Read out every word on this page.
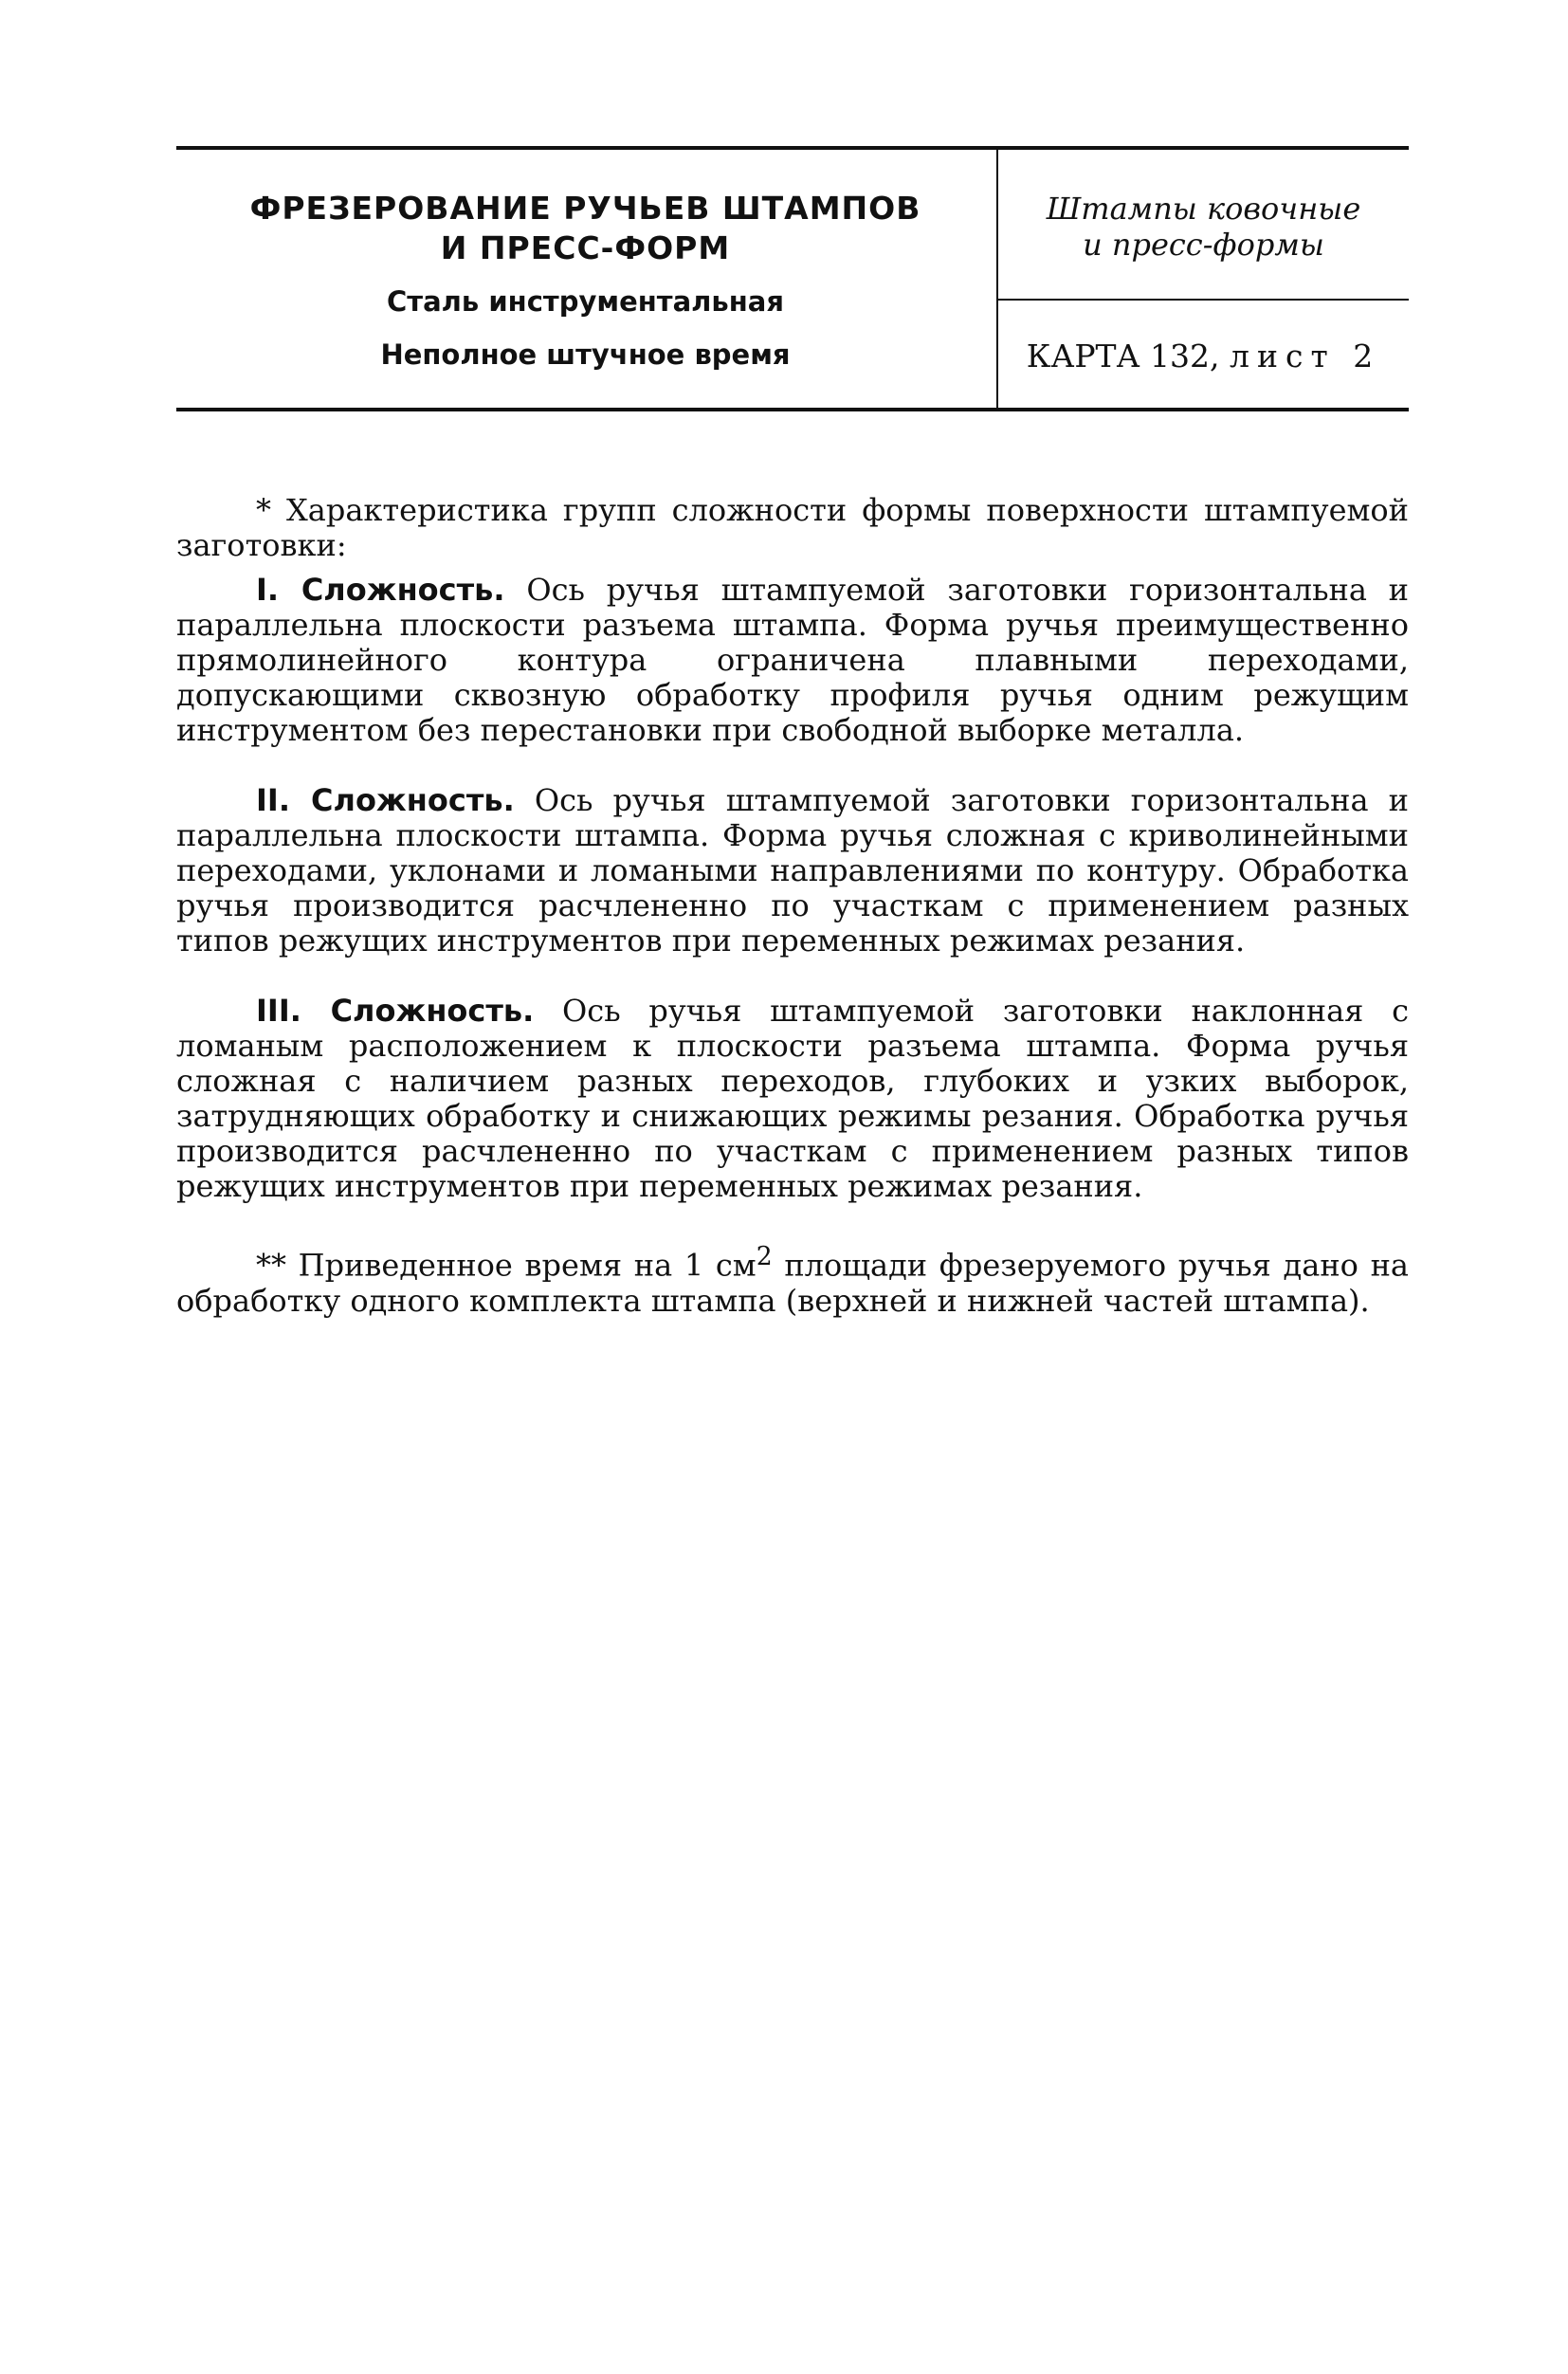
ФРЕЗЕРОВАНИЕ РУЧЬЕВ ШТАМПОВ
И ПРЕСС-ФОРМ
Сталь инструментальная
Неполное штучное время
Штампы ковочные
и пресс-формы
КАРТА 132, лист 2

* Характеристика групп сложности формы поверхности штампуемой заготовки:

I. Сложность. Ось ручья штампуемой заготовки горизонтальна и параллельна плоскости разъема штампа. Форма ручья преимущественно прямолинейного контура ограничена плавными переходами, допускающими сквозную обработку профиля ручья одним режущим инструментом без перестановки при свободной выборке металла.

II. Сложность. Ось ручья штампуемой заготовки горизонтальна и параллельна плоскости штампа. Форма ручья сложная с криволинейными переходами, уклонами и ломаными направлениями по контуру. Обработка ручья производится расчлененно по участкам с применением разных типов режущих инструментов при переменных режимах резания.

III. Сложность. Ось ручья штампуемой заготовки наклонная с ломаным расположением к плоскости разъема штампа. Форма ручья сложная с наличием разных переходов, глубоких и узких выборок, затрудняющих обработку и снижающих режимы резания. Обработка ручья производится расчлененно по участкам с применением разных типов режущих инструментов при переменных режимах резания.

** Приведенное время на 1 $см^2$ площади фрезеруемого ручья дано на обработку одного комплекта штампа (верхней и нижней частей штампа).
